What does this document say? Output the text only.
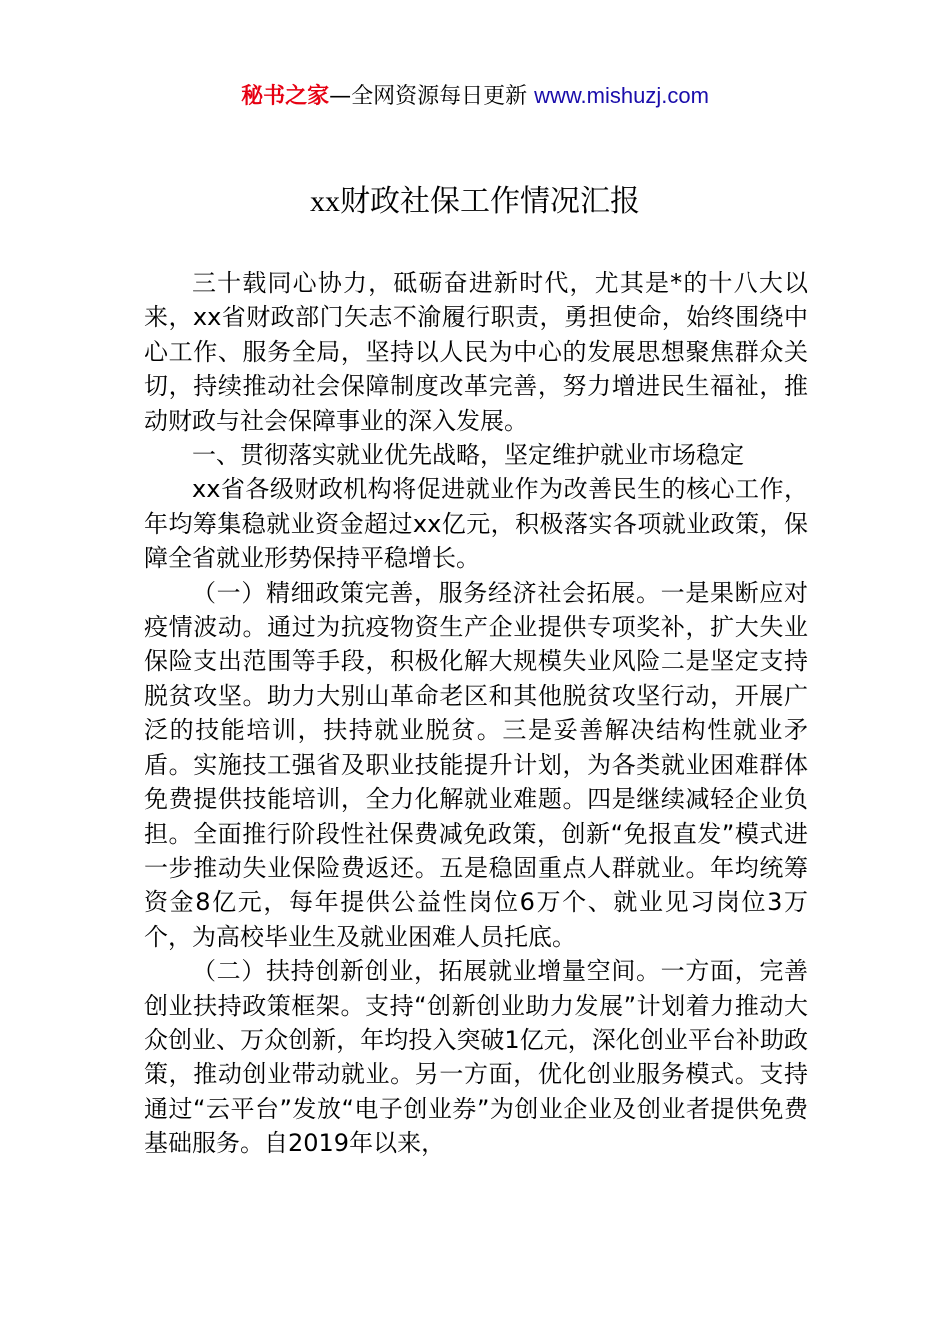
秘书之家—全网资源每日更新 www.mishuzj.com
xx财政社保工作情况汇报

三十载同心协力，砥砺奋进新时代，尤其是*的十八大以来，xx省财政部门矢志不渝履行职责，勇担使命，始终围绕中心工作、服务全局，坚持以人民为中心的发展思想聚焦群众关切，持续推动社会保障制度改革完善，努力增进民生福祉，推动财政与社会保障事业的深入发展。

一、贯彻落实就业优先战略，坚定维护就业市场稳定

xx省各级财政机构将促进就业作为改善民生的核心工作，年均筹集稳就业资金超过xx亿元，积极落实各项就业政策，保障全省就业形势保持平稳增长。

（一）精细政策完善，服务经济社会拓展。一是果断应对疫情波动。通过为抗疫物资生产企业提供专项奖补，扩大失业保险支出范围等手段，积极化解大规模失业风险二是坚定支持脱贫攻坚。助力大别山革命老区和其他脱贫攻坚行动，开展广泛的技能培训，扶持就业脱贫。三是妥善解决结构性就业矛盾。实施技工强省及职业技能提升计划，为各类就业困难群体免费提供技能培训，全力化解就业难题。四是继续减轻企业负担。全面推行阶段性社保费减免政策，创新“免报直发”模式进一步推动失业保险费返还。五是稳固重点人群就业。年均统筹资金8亿元，每年提供公益性岗位6万个、就业见习岗位3万个，为高校毕业生及就业困难人员托底。

（二）扶持创新创业，拓展就业增量空间。一方面，完善创业扶持政策框架。支持“创新创业助力发展”计划着力推动大众创业、万众创新，年均投入突破1亿元，深化创业平台补助政策，推动创业带动就业。另一方面，优化创业服务模式。支持通过“云平台”发放“电子创业券”为创业企业及创业者提供免费基础服务。自2019年以来，
